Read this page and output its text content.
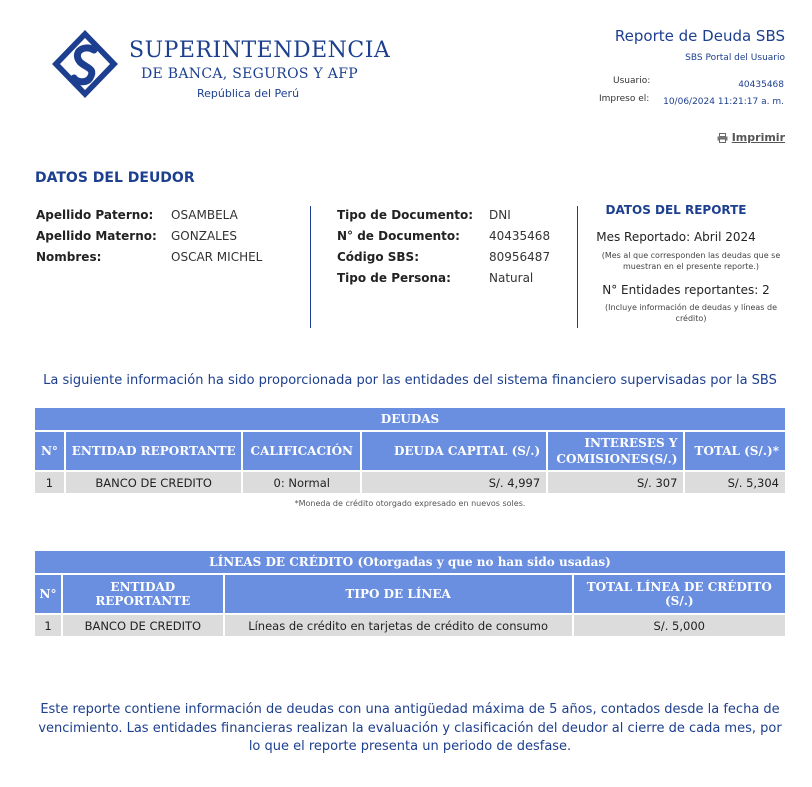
SUPERINTENDENCIA
DE BANCA, SEGUROS Y AFP
República del Perú
Reporte de Deuda SBS
SBS Portal del Usuario
Usuario:	40435468
Impreso el: 10/06/2024 11:21:17 a. m.
Imprimir
DATOS DEL DEUDOR
Apellido Paterno: OSAMBELA
Apellido Materno: GONZALES
Nombres:	OSCAR MICHEL
Tipo de Documento: DNI
N° de Documento: 40435468
Código SBS:	80956487
Tipo de Persona:	Natural
DATOS DEL REPORTE
Mes Reportado: Abril 2024
(Mes al que corresponden las deudas que se muestran en el presente reporte.)
N° Entidades reportantes: 2
(Incluye información de deudas y líneas de crédito)
La siguiente información ha sido proporcionada por las entidades del sistema financiero supervisadas por la SBS
DEUDAS					
N°	ENTIDAD REPORTANTE	CALIFICACIÓN	DEUDA CAPITAL (S/.)	INTERESES Y COMISIONES(S/.)	TOTAL (S/.)*
1	BANCO DE CREDITO	0: Normal	S/. 4,997	S/. 307	S/. 5,304
*Moneda de crédito otorgado expresado en nuevos soles.
LÍNEAS DE CRÉDITO (Otorgadas y que no han sido usadas)			
N°	ENTIDAD REPORTANTE	TIPO DE LÍNEA	TOTAL LÍNEA DE CRÉDITO (S/.)
1	BANCO DE CREDITO	Líneas de crédito en tarjetas de crédito de consumo	S/. 5,000
Este reporte contiene información de deudas con una antigüedad máxima de 5 años, contados desde la fecha de vencimiento. Las entidades financieras realizan la evaluación y clasificación del deudor al cierre de cada mes, por lo que el reporte presenta un periodo de desfase.
